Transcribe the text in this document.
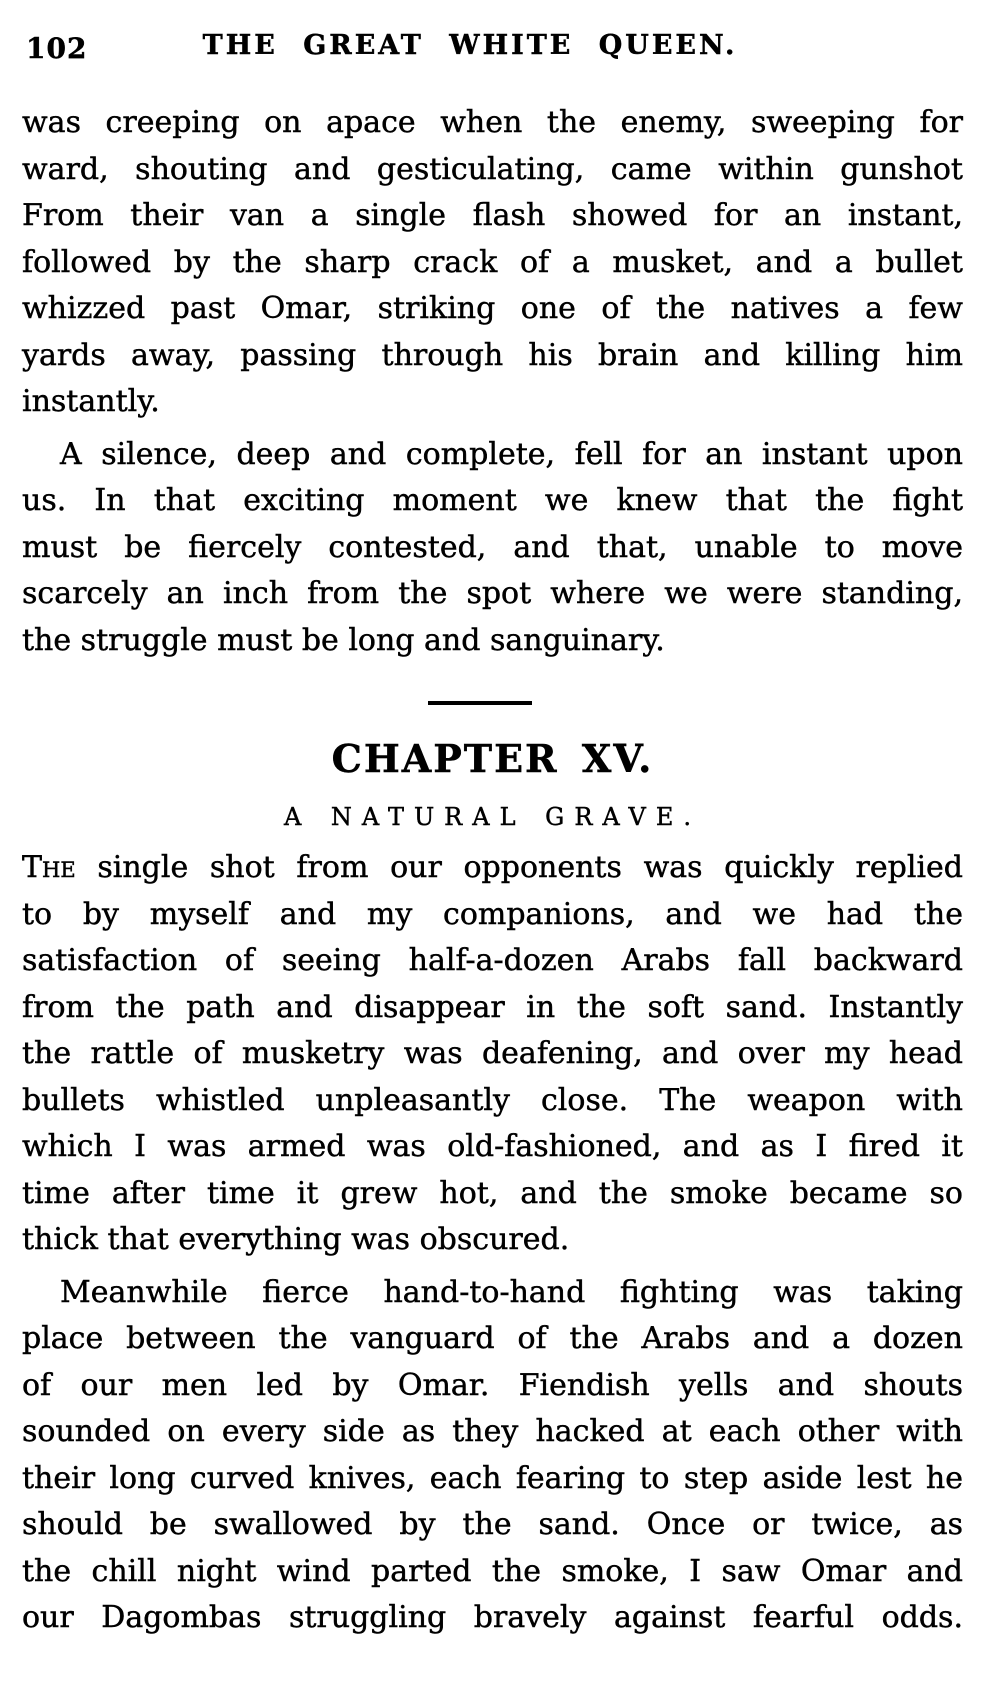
102	THE GREAT WHITE QUEEN.
was creeping on apace when the enemy, sweeping for
ward, shouting and gesticulating, came within gunshot
From their van a single flash showed for an instant,
followed by the sharp crack of a musket, and a bullet
whizzed past Omar, striking one of the natives a few
yards away, passing through his brain and killing him
instantly.
A silence, deep and complete, fell for an instant upon
us. In that exciting moment we knew that the fight
must be fiercely contested, and that, unable to move
scarcely an inch from the spot where we were standing,
the struggle must be long and sanguinary.
CHAPTER XV.
A NATURAL GRAVE.
The single shot from our opponents was quickly replied
to by myself and my companions, and we had the
satisfaction of seeing half-a-dozen Arabs fall backward
from the path and disappear in the soft sand. Instantly
the rattle of musketry was deafening, and over my head
bullets whistled unpleasantly close. The weapon with
which I was armed was old-fashioned, and as I fired it
time after time it grew hot, and the smoke became so
thick that everything was obscured.
Meanwhile fierce hand-to-hand fighting was taking
place between the vanguard of the Arabs and a dozen
of our men led by Omar. Fiendish yells and shouts
sounded on every side as they hacked at each other with
their long curved knives, each fearing to step aside lest he
should be swallowed by the sand. Once or twice, as
the chill night wind parted the smoke, I saw Omar and
our Dagombas struggling bravely against fearful odds.
